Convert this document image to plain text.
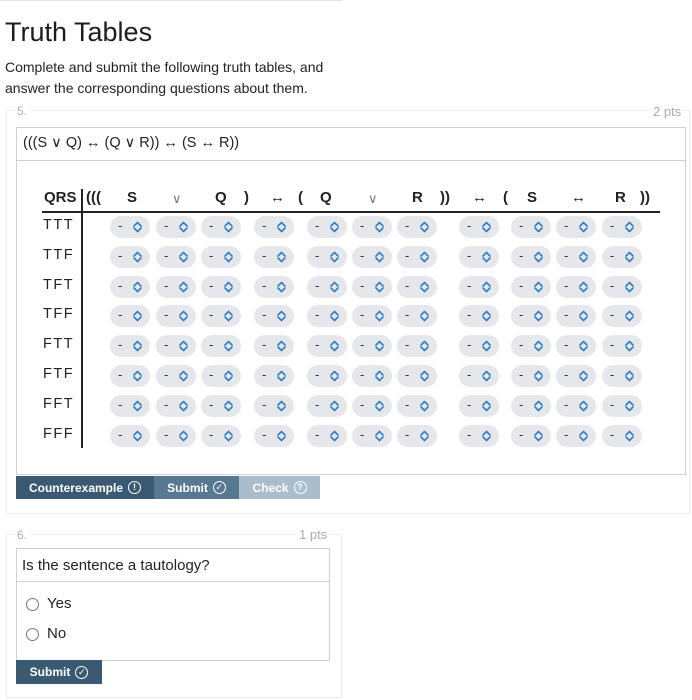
Truth Tables
Complete and submit the following truth tables, and answer the corresponding questions about them.
5.	2 pts
(((S ∨ Q) ↔ (Q ∨ R)) ↔ (S ↔ R))
QRS ((( S	∨ Q ) ↔ ( Q	∨ R )) ↔ ( S ↔ R ))
TTT	-	-	-	-	-	-	-	-	-	-	-
TTF	-	-	-	-	-	-	-	-	-	-	-
TFT	-	-	-	-	-	-	-	-	-	-	-
TFF	-	-	-	-	-	-	-	-	-	-	-
FTT	-	-	-	-	-	-	-	-	-	-	-
FTF	-	-	-	-	-	-	-	-	-	-	-
FFT	-	-	-	-	-	-	-	-	-	-	-
FFF	-	-	-	-	-	-	-	-	-	-	-
Counterexample	!	Submit ✓ Check ?
6.	1 pts
Is the sentence a tautology?
Yes
No
Submit ✓
